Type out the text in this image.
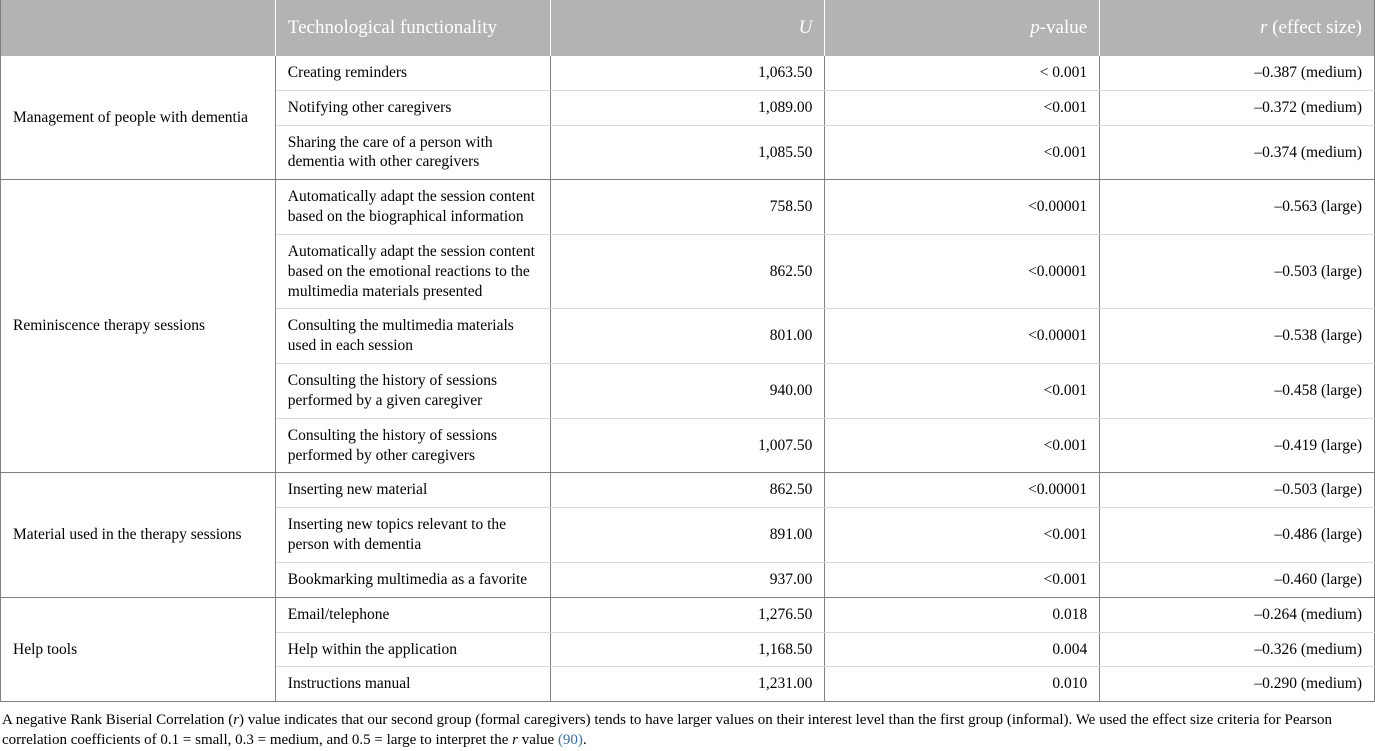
	Technological functionality	U	p-value	r (effect size)
Management of people with dementia	Creating reminders	1,063.50	< 0.001	–0.387 (medium)
	Notifying other caregivers	1,089.00	<0.001	–0.372 (medium)
	Sharing the care of a person with dementia with other caregivers	1,085.50	<0.001	–0.374 (medium)
Reminiscence therapy sessions	Automatically adapt the session content based on the biographical information	758.50	<0.00001	–0.563 (large)
	Automatically adapt the session content based on the emotional reactions to the multimedia materials presented	862.50	<0.00001	–0.503 (large)
	Consulting the multimedia materials used in each session	801.00	<0.00001	–0.538 (large)
	Consulting the history of sessions performed by a given caregiver	940.00	<0.001	–0.458 (large)
	Consulting the history of sessions performed by other caregivers	1,007.50	<0.001	–0.419 (large)
Material used in the therapy sessions	Inserting new material	862.50	<0.00001	–0.503 (large)
	Inserting new topics relevant to the person with dementia	891.00	<0.001	–0.486 (large)
	Bookmarking multimedia as a favorite	937.00	<0.001	–0.460 (large)
Help tools	Email/telephone	1,276.50	0.018	–0.264 (medium)
	Help within the application	1,168.50	0.004	–0.326 (medium)
	Instructions manual	1,231.00	0.010	–0.290 (medium)
A negative Rank Biserial Correlation (r) value indicates that our second group (formal caregivers) tends to have larger values on their interest level than the first group (informal). We used the effect size criteria for Pearson correlation coefficients of 0.1 = small, 0.3 = medium, and 0.5 = large to interpret the r value (90).
